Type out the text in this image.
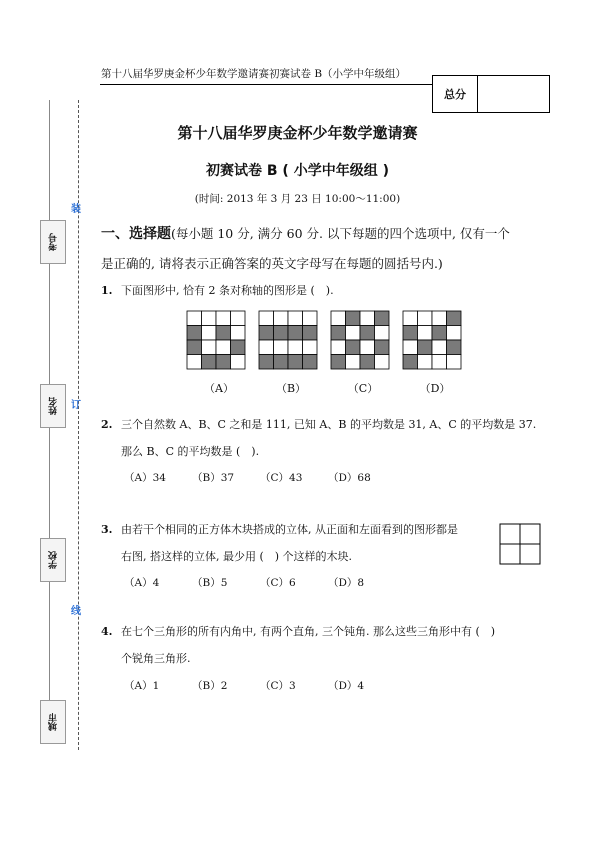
第十八届华罗庚金杯少年数学邀请赛初赛试卷 B（小学中年级组）
总分
考号
姓名
学校
城市
装
订
线
第十八届华罗庚金杯少年数学邀请赛
初赛试卷 B ( 小学中年级组 )
(时间: 2013 年 3 月 23 日 10:00～11:00)
一、选择题(每小题 10 分, 满分 60 分. 以下每题的四个选项中, 仅有一个
是正确的, 请将表示正确答案的英文字母写在每题的圆括号内.)
1. 下面图形中, 恰有 2 条对称轴的图形是 (　).
（A）	（B）	（C）	（D）
2. 三个自然数 A、B、C 之和是 111, 已知 A、B 的平均数是 31, A、C 的平均数是 37.
那么 B、C 的平均数是 (　).
（A）34 （B）37 （C）43 （D）68
3. 由若干个相同的正方体木块搭成的立体, 从正面和左面看到的图形都是
右图, 搭这样的立体, 最少用 (　) 个这样的木块.
（A）4	（B）5	（C）6	（D）8
4. 在七个三角形的所有内角中, 有两个直角, 三个钝角. 那么这些三角形中有 (　)
个锐角三角形.
（A）1	（B）2	（C）3	（D）4
